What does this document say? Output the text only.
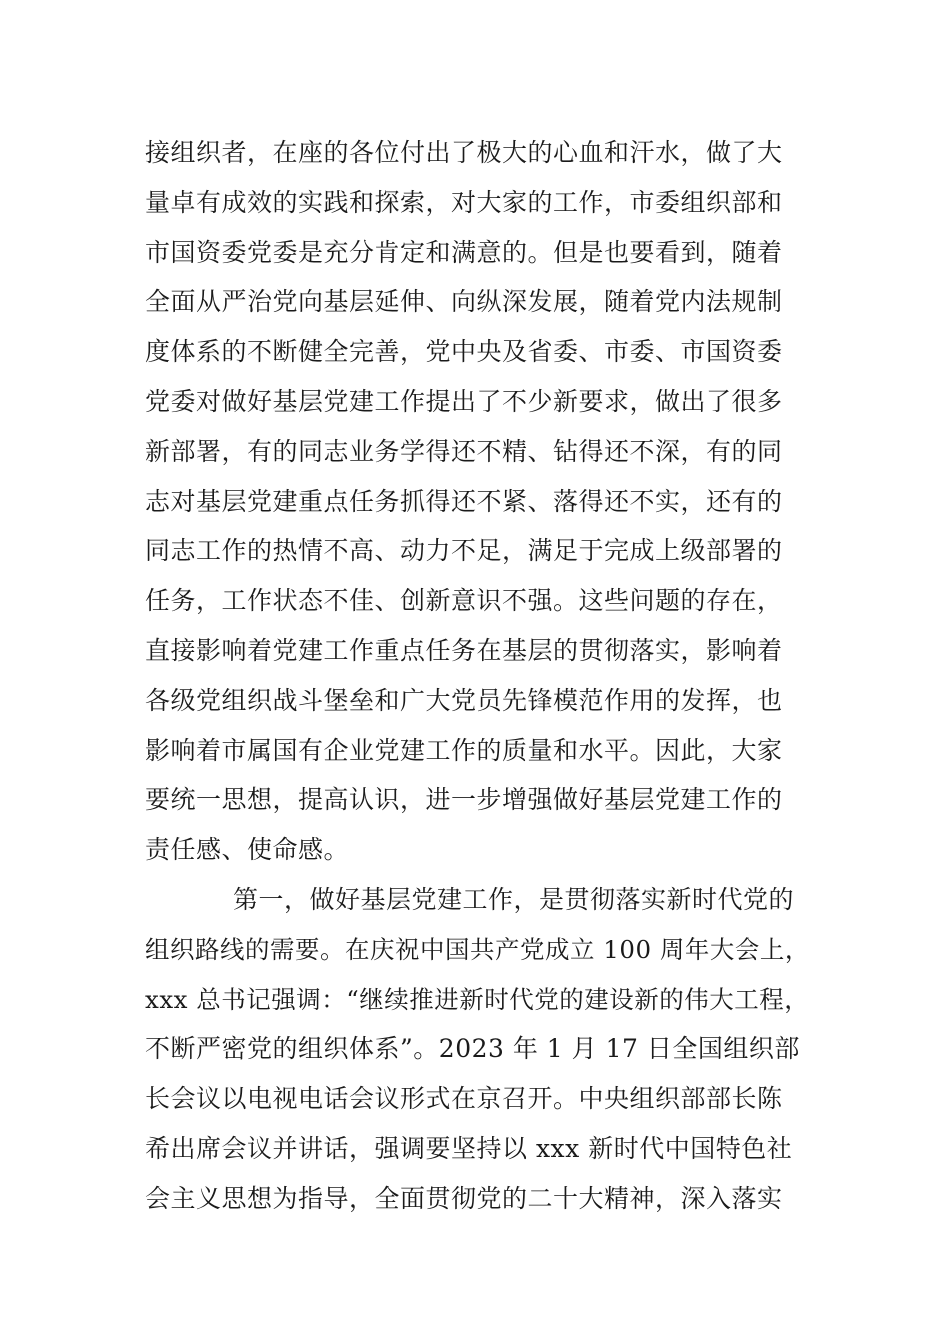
接组织者，在座的各位付出了极大的心血和汗水，做了大
量卓有成效的实践和探索，对大家的工作，市委组织部和
市国资委党委是充分肯定和满意的。但是也要看到，随着
全面从严治党向基层延伸、向纵深发展，随着党内法规制
度体系的不断健全完善，党中央及省委、市委、市国资委
党委对做好基层党建工作提出了不少新要求，做出了很多
新部署，有的同志业务学得还不精、钻得还不深，有的同
志对基层党建重点任务抓得还不紧、落得还不实，还有的
同志工作的热情不高、动力不足，满足于完成上级部署的
任务，工作状态不佳、创新意识不强。这些问题的存在，
直接影响着党建工作重点任务在基层的贯彻落实，影响着
各级党组织战斗堡垒和广大党员先锋模范作用的发挥，也
影响着市属国有企业党建工作的质量和水平。因此，大家
要统一思想，提高认识，进一步增强做好基层党建工作的
责任感、使命感。
第一，做好基层党建工作，是贯彻落实新时代党的
组织路线的需要。在庆祝中国共产党成立 100 周年大会上，
xxx 总书记强调：“继续推进新时代党的建设新的伟大工程，
不断严密党的组织体系”。2023 年 1 月 17 日全国组织部
长会议以电视电话会议形式在京召开。中央组织部部长陈
希出席会议并讲话，强调要坚持以 xxx 新时代中国特色社
会主义思想为指导，全面贯彻党的二十大精神，深入落实
